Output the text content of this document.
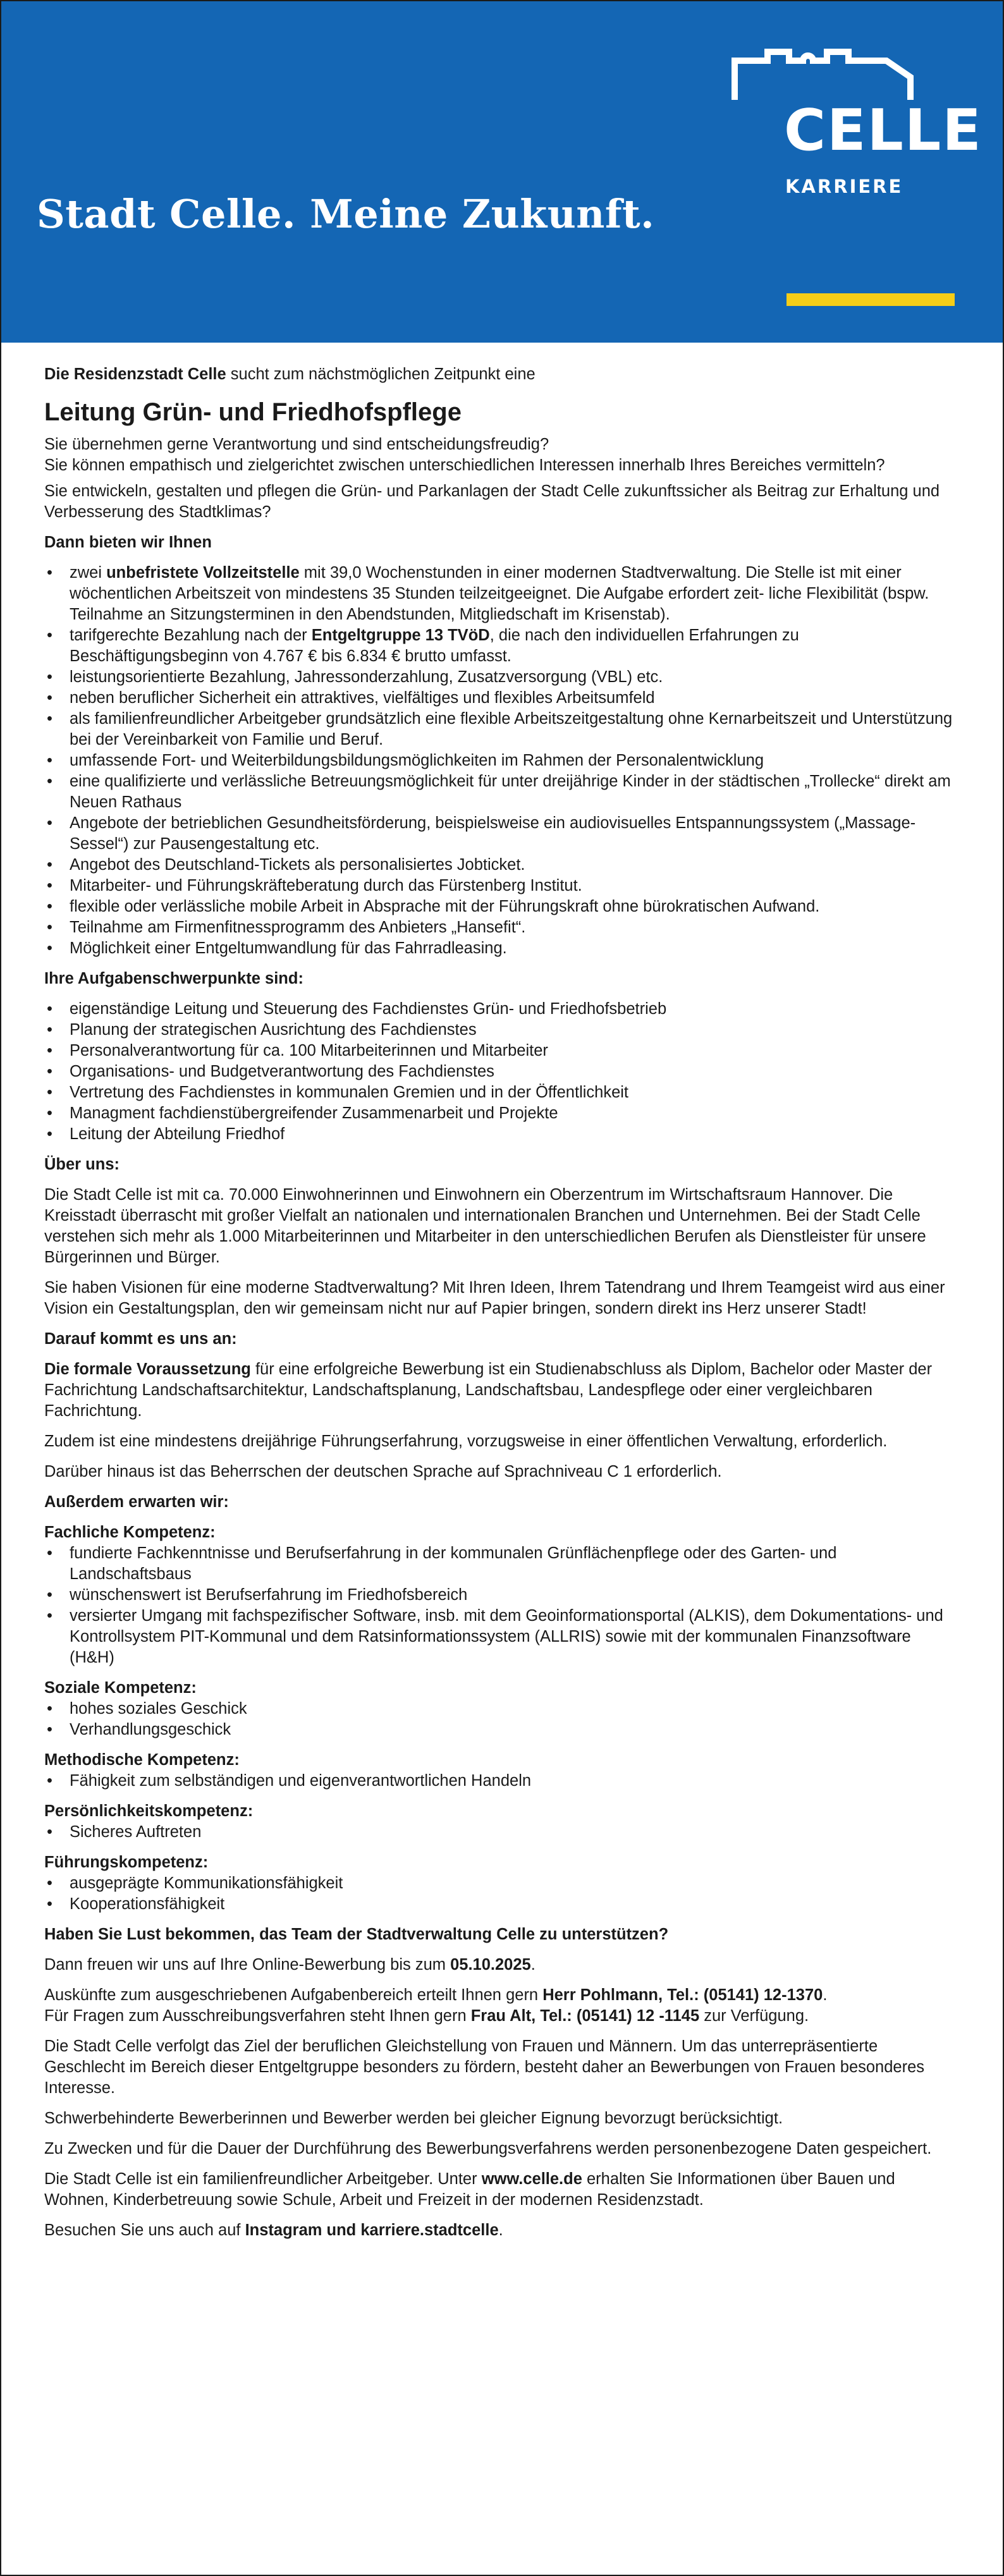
Stadt Celle. Meine Zukunft.
CELLE
KARRIERE

Die Residenzstadt Celle sucht zum nächstmöglichen Zeitpunkt eine

Leitung Grün- und Friedhofspflege

Sie übernehmen gerne Verantwortung und sind entscheidungsfreudig?

Sie können empathisch und zielgerichtet zwischen unterschiedlichen Interessen innerhalb Ihres Bereiches vermitteln?

Sie entwickeln, gestalten und pflegen die Grün- und Parkanlagen der Stadt Celle zukunftssicher als Beitrag zur Erhaltung und Verbesserung des Stadtklimas?

Dann bieten wir Ihnen

• zwei unbefristete Vollzeitstelle mit 39,0 Wochenstunden in einer modernen Stadtverwaltung. Die Stelle ist mit einer wöchentlichen Arbeitszeit von mindestens 35 Stunden teilzeitgeeignet. Die Aufgabe erfordert zeit- liche Flexibilität (bspw. Teilnahme an Sitzungsterminen in den Abendstunden, Mitgliedschaft im Krisenstab).
• tarifgerechte Bezahlung nach der Entgeltgruppe 13 TVöD, die nach den individuellen Erfahrungen zu Beschäftigungsbeginn von 4.767 € bis 6.834 € brutto umfasst.
• leistungsorientierte Bezahlung, Jahressonderzahlung, Zusatzversorgung (VBL) etc.
• neben beruflicher Sicherheit ein attraktives, vielfältiges und flexibles Arbeitsumfeld
• als familienfreundlicher Arbeitgeber grundsätzlich eine flexible Arbeitszeitgestaltung ohne Kernarbeitszeit und Unterstützung bei der Vereinbarkeit von Familie und Beruf.
• umfassende Fort- und Weiterbildungsbildungsmöglichkeiten im Rahmen der Personalentwicklung
• eine qualifizierte und verlässliche Betreuungsmöglichkeit für unter dreijährige Kinder in der städtischen „Trollecke“ direkt am Neuen Rathaus
• Angebote der betrieblichen Gesundheitsförderung, beispielsweise ein audiovisuelles Entspannungssystem („Massage-Sessel“) zur Pausengestaltung etc.
• Angebot des Deutschland-Tickets als personalisiertes Jobticket.
• Mitarbeiter- und Führungskräfteberatung durch das Fürstenberg Institut.
• flexible oder verlässliche mobile Arbeit in Absprache mit der Führungskraft ohne bürokratischen Aufwand.
• Teilnahme am Firmenfitnessprogramm des Anbieters „Hansefit“.
• Möglichkeit einer Entgeltumwandlung für das Fahrradleasing.

Ihre Aufgabenschwerpunkte sind:

• eigenständige Leitung und Steuerung des Fachdienstes Grün- und Friedhofsbetrieb
• Planung der strategischen Ausrichtung des Fachdienstes
• Personalverantwortung für ca. 100 Mitarbeiterinnen und Mitarbeiter
• Organisations- und Budgetverantwortung des Fachdienstes
• Vertretung des Fachdienstes in kommunalen Gremien und in der Öffentlichkeit
• Managment fachdienstübergreifender Zusammenarbeit und Projekte
• Leitung der Abteilung Friedhof

Über uns:

Die Stadt Celle ist mit ca. 70.000 Einwohnerinnen und Einwohnern ein Oberzentrum im Wirtschaftsraum Hannover. Die Kreisstadt überrascht mit großer Vielfalt an nationalen und internationalen Branchen und Unternehmen. Bei der Stadt Celle verstehen sich mehr als 1.000 Mitarbeiterinnen und Mitarbeiter in den unterschiedlichen Berufen als Dienstleister für unsere Bürgerinnen und Bürger.

Sie haben Visionen für eine moderne Stadtverwaltung? Mit Ihren Ideen, Ihrem Tatendrang und Ihrem Teamgeist wird aus einer Vision ein Gestaltungsplan, den wir gemeinsam nicht nur auf Papier bringen, sondern direkt ins Herz unserer Stadt!

Darauf kommt es uns an:

Die formale Voraussetzung für eine erfolgreiche Bewerbung ist ein Studienabschluss als Diplom, Bachelor oder Master der Fachrichtung Landschaftsarchitektur, Landschaftsplanung, Landschaftsbau, Landespflege oder einer vergleichbaren Fachrichtung.

Zudem ist eine mindestens dreijährige Führungserfahrung, vorzugsweise in einer öffentlichen Verwaltung, erforderlich.

Darüber hinaus ist das Beherrschen der deutschen Sprache auf Sprachniveau C 1 erforderlich.

Außerdem erwarten wir:

Fachliche Kompetenz:

• fundierte Fachkenntnisse und Berufserfahrung in der kommunalen Grünflächenpflege oder des Garten- und Landschaftsbaus
• wünschenswert ist Berufserfahrung im Friedhofsbereich
• versierter Umgang mit fachspezifischer Software, insb. mit dem Geoinformationsportal (ALKIS), dem Dokumentations- und Kontrollsystem PIT-Kommunal und dem Ratsinformationssystem (ALLRIS) sowie mit der kommunalen Finanzsoftware (H&H)

Soziale Kompetenz:

• hohes soziales Geschick
• Verhandlungsgeschick

Methodische Kompetenz:

• Fähigkeit zum selbständigen und eigenverantwortlichen Handeln

Persönlichkeitskompetenz:

• Sicheres Auftreten

Führungskompetenz:

• ausgeprägte Kommunikationsfähigkeit
• Kooperationsfähigkeit

Haben Sie Lust bekommen, das Team der Stadtverwaltung Celle zu unterstützen?

Dann freuen wir uns auf Ihre Online-Bewerbung bis zum 05.10.2025.

Auskünfte zum ausgeschriebenen Aufgabenbereich erteilt Ihnen gern Herr Pohlmann, Tel.: (05141) 12-1370.

Für Fragen zum Ausschreibungsverfahren steht Ihnen gern Frau Alt, Tel.: (05141) 12 -1145 zur Verfügung.

Die Stadt Celle verfolgt das Ziel der beruflichen Gleichstellung von Frauen und Männern. Um das unterrepräsentierte Geschlecht im Bereich dieser Entgeltgruppe besonders zu fördern, besteht daher an Bewerbungen von Frauen besonderes Interesse.

Schwerbehinderte Bewerberinnen und Bewerber werden bei gleicher Eignung bevorzugt berücksichtigt.

Zu Zwecken und für die Dauer der Durchführung des Bewerbungsverfahrens werden personenbezogene Daten gespeichert.

Die Stadt Celle ist ein familienfreundlicher Arbeitgeber. Unter www.celle.de erhalten Sie Informationen über Bauen und Wohnen, Kinderbetreuung sowie Schule, Arbeit und Freizeit in der modernen Residenzstadt.

Besuchen Sie uns auch auf Instagram und karriere.stadtcelle.
